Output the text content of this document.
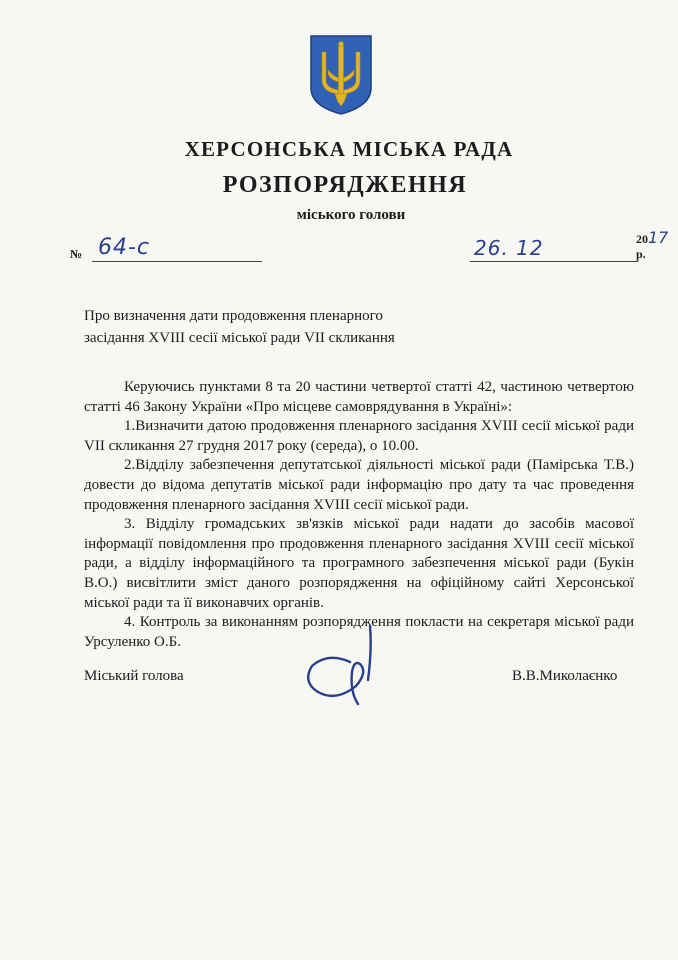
ХЕРСОНСЬКА МІСЬКА РАДА
РОЗПОРЯДЖЕННЯ
міського голови
№ 64-с	26. 12	2017 р.
Про визначення дати продовження пленарного
засідання XVIII сесії міської ради VII скликання

Керуючись пунктами 8 та 20 частини четвертої статті 42, частиною четвертою статті 46 Закону України «Про місцеве самоврядування в Україні»:

1.Визначити датою продовження пленарного засідання XVIII сесії міської ради VII скликання 27 грудня 2017 року (середа), о 10.00.

2.Відділу забезпечення депутатської діяльності міської ради (Памірська Т.В.) довести до відома депутатів міської ради інформацію про дату та час проведення продовження пленарного засідання XVIII сесії міської ради.

3. Відділу громадських зв'язків міської ради надати до засобів масової інформації повідомлення про продовження пленарного засідання XVIII сесії міської ради, а відділу інформаційного та програмного забезпечення міської ради (Букін В.О.) висвітлити зміст даного розпорядження на офіційному сайті Херсонської міської ради та її виконавчих органів.

4. Контроль за виконанням розпорядження покласти на секретаря міської ради Урсуленко О.Б.

Міський голова	В.В.Миколаєнко
